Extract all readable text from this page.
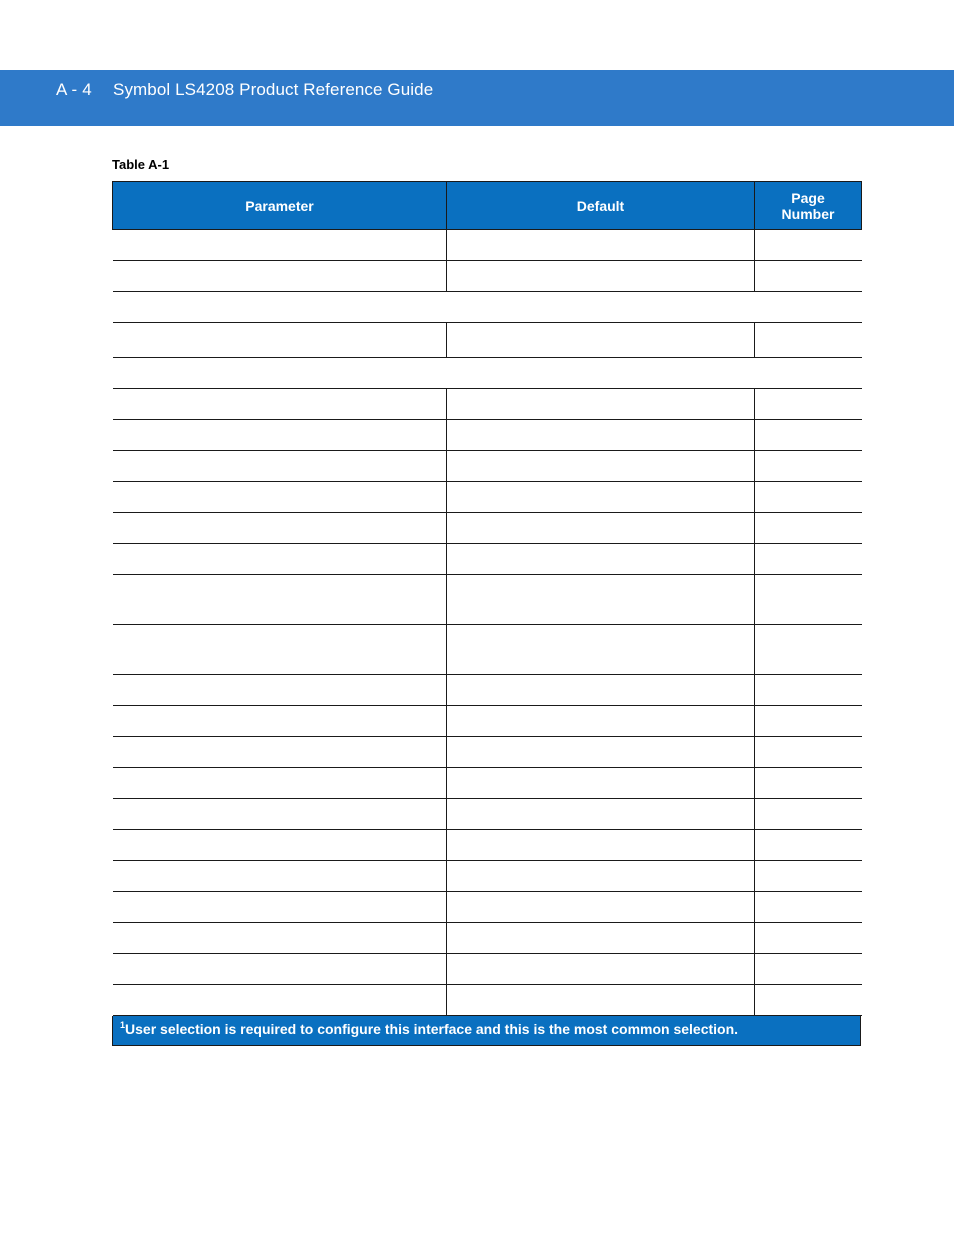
A - 4 Symbol LS4208 Product Reference Guide
Table A-1
Parameter	Default	Page
Number

$^1$User selection is required to configure this interface and this is the most common selection.
